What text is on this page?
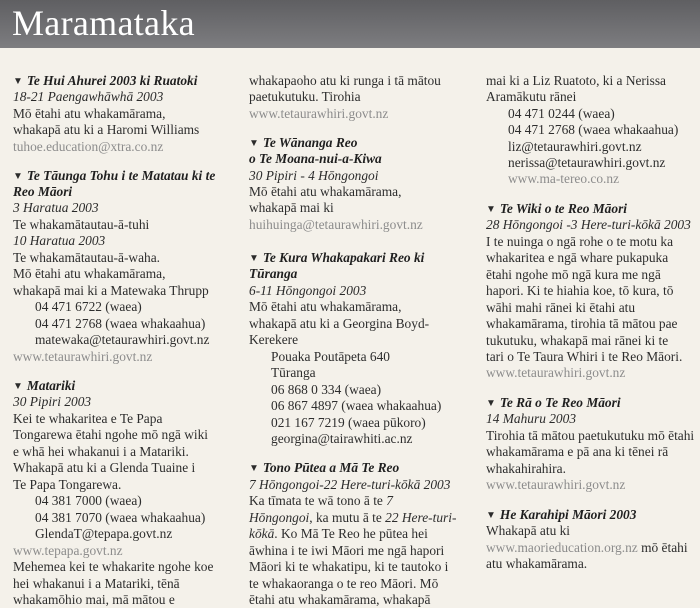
Maramataka
▼ Te Hui Ahurei 2003 ki Ruatoki
18-21 Paengawhāwhā 2003
Mō ētahi atu whakamārama,
whakapā atu ki a Haromi Williams
tuhoe.education@xtra.co.nz
▼ Te Tāunga Tohu i te Matatau ki te
Reo Māori
3 Haratua 2003
Te whakamātautau-ā-tuhi
10 Haratua 2003
Te whakamātautau-ā-waha.
Mō ētahi atu whakamārama,
whakapā mai ki a Matewaka Thrupp
04 471 6722 (waea)
04 471 2768 (waea whakaahua)
matewaka@tetaurawhiri.govt.nz
www.tetaurawhiri.govt.nz
▼ Matariki
30 Pipiri 2003
Kei te whakaritea e Te Papa
Tongarewa ētahi ngohe mō ngā wiki
e whā hei whakanui i a Matariki.
Whakapā atu ki a Glenda Tuaine i
Te Papa Tongarewa.
04 381 7000 (waea)
04 381 7070 (waea whakaahua)
GlendaT@tepapa.govt.nz
www.tepapa.govt.nz
Mehemea kei te whakarite ngohe koe
hei whakanui i a Matariki, tēnā
whakamōhio mai, mā mātou e
whakapaoho atu ki runga i tā mātou
paetukutuku. Tirohia
www.tetaurawhiri.govt.nz
▼ Te Wānanga Reo
o Te Moana-nui-a-Kiwa
30 Pipiri - 4 Hōngongoi
Mō ētahi atu whakamārama,
whakapā mai ki
huihuinga@tetaurawhiri.govt.nz
▼ Te Kura Whakapakari Reo ki
Tūranga
6-11 Hōngongoi 2003
Mō ētahi atu whakamārama,
whakapā atu ki a Georgina Boyd-
Kerekere
Pouaka Poutāpeta 640
Tūranga
06 868 0 334 (waea)
06 867 4897 (waea whakaahua)
021 167 7219 (waea pūkoro)
georgina@tairawhiti.ac.nz
▼ Tono Pūtea a Mā Te Reo
7 Hōngongoi-22 Here-turi-kōkā 2003
Ka tīmata te wā tono ā te 7
Hōngongoi, ka mutu ā te 22 Here-turi-
kōkā. Ko Mā Te Reo he pūtea hei
āwhina i te iwi Māori me ngā hapori
Māori ki te whakatipu, ki te tautoko i
te whakaoranga o te reo Māori. Mō
ētahi atu whakamārama, whakapā
mai ki a Liz Ruatoto, ki a Nerissa
Aramākutu rānei
04 471 0244 (waea)
04 471 2768 (waea whakaahua)
liz@tetaurawhiri.govt.nz
nerissa@tetaurawhiri.govt.nz
www.ma-tereo.co.nz
▼ Te Wiki o te Reo Māori
28 Hōngongoi -3 Here-turi-kōkā 2003
I te nuinga o ngā rohe o te motu ka
whakaritea e ngā whare pukapuka
ētahi ngohe mō ngā kura me ngā
hapori. Ki te hiahia koe, tō kura, tō
wāhi mahi rānei ki ētahi atu
whakamārama, tirohia tā mātou pae
tukutuku, whakapā mai rānei ki te
tari o Te Taura Whiri i te Reo Māori.
www.tetaurawhiri.govt.nz
▼ Te Rā o Te Reo Māori
14 Mahuru 2003
Tirohia tā mātou paetukutuku mō ētahi
whakamārama e pā ana ki tēnei rā
whakahirahira.
www.tetaurawhiri.govt.nz
▼ He Karahipi Māori 2003
Whakapā atu ki
www.maorieducation.org.nz mō ētahi
atu whakamārama.
